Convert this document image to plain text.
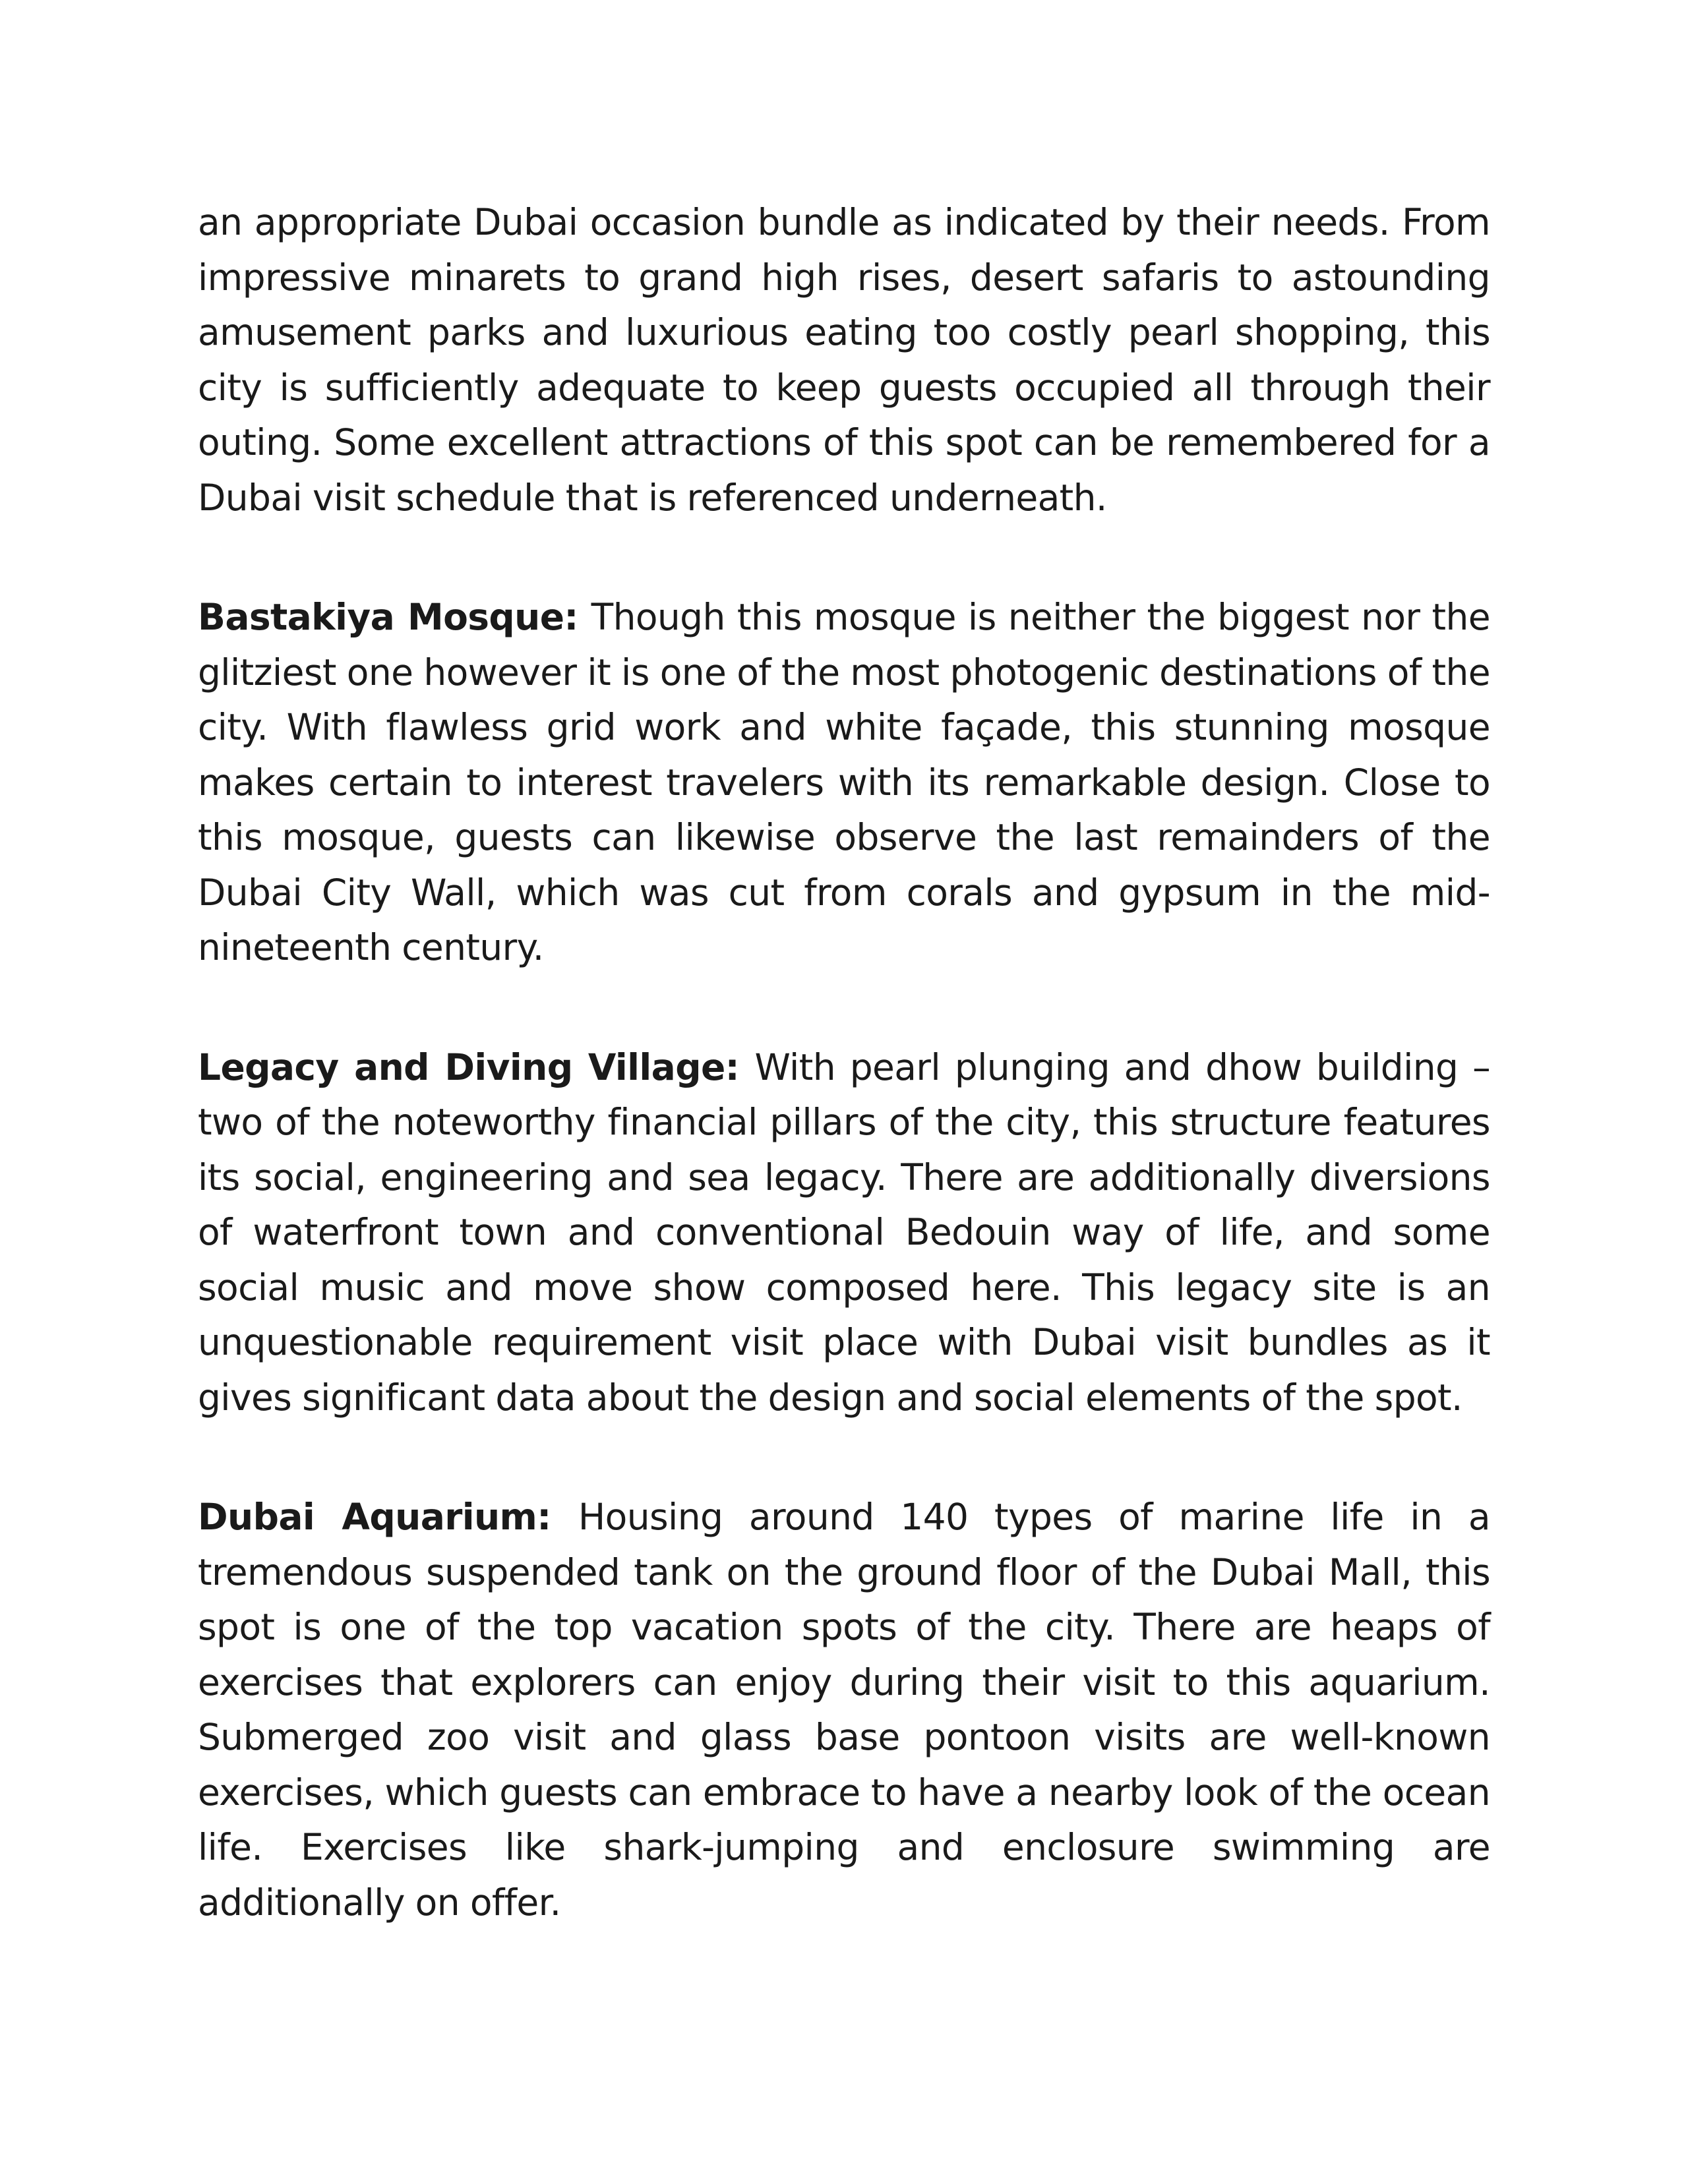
an appropriate Dubai occasion bundle as indicated by their needs. From impressive minarets to grand high rises, desert safaris to astounding amusement parks and luxurious eating too costly pearl shopping, this city is sufficiently adequate to keep guests occupied all through their outing. Some excellent attractions of this spot can be remembered for a Dubai visit schedule that is referenced underneath.

Bastakiya Mosque: Though this mosque is neither the biggest nor the glitziest one however it is one of the most photogenic destinations of the city. With flawless grid work and white façade, this stunning mosque makes certain to interest travelers with its remarkable design. Close to this mosque, guests can likewise observe the last remainders of the Dubai City Wall, which was cut from corals and gypsum in the mid-nineteenth century.

Legacy and Diving Village: With pearl plunging and dhow building – two of the noteworthy financial pillars of the city, this structure features its social, engineering and sea legacy. There are additionally diversions of waterfront town and conventional Bedouin way of life, and some social music and move show composed here. This legacy site is an unquestionable requirement visit place with Dubai visit bundles as it gives significant data about the design and social elements of the spot.

Dubai Aquarium: Housing around 140 types of marine life in a tremendous suspended tank on the ground floor of the Dubai Mall, this spot is one of the top vacation spots of the city. There are heaps of exercises that explorers can enjoy during their visit to this aquarium. Submerged zoo visit and glass base pontoon visits are well-known exercises, which guests can embrace to have a nearby look of the ocean life. Exercises like shark-jumping and enclosure swimming are additionally on offer.
